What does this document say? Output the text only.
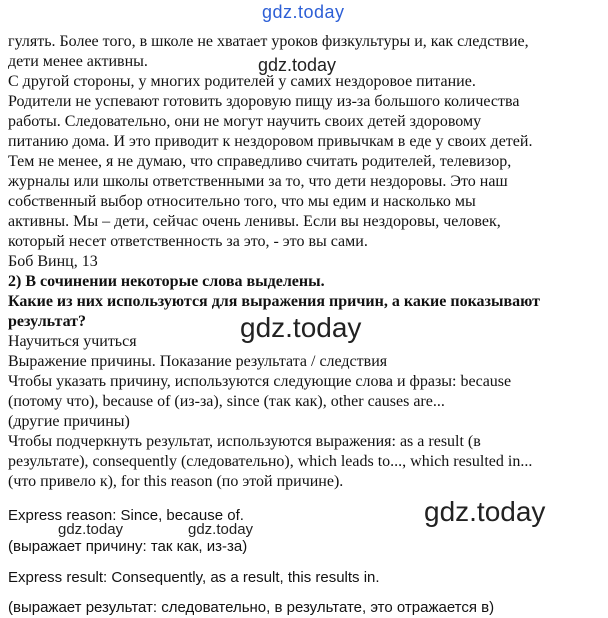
gdz.today
гулять. Более того, в школе не хватает уроков физкультуры и, как следствие,
дети менее активны.
С другой стороны, у многих родителей у самих нездоровое питание.
Родители не успевают готовить здоровую пищу из-за большого количества
работы. Следовательно, они не могут научить своих детей здоровому
питанию дома. И это приводит к нездоровом привычкам в еде у своих детей.
Тем не менее, я не думаю, что справедливо считать родителей, телевизор,
журналы или школы ответственными за то, что дети нездоровы. Это наш
собственный выбор относительно того, что мы едим и насколько мы
активны. Мы – дети, сейчас очень ленивы. Если вы нездоровы, человек,
который несет ответственность за это, - это вы сами.
Боб Винц, 13
2) В сочинении некоторые слова выделены.
Какие из них используются для выражения причин, а какие показывают
результат?
Научиться учиться
Выражение причины. Показание результата / следствия
Чтобы указать причину, используются следующие слова и фразы: because
(потому что), because of (из-за), since (так как), other causes are...
(другие причины)
Чтобы подчеркнуть результат, используются выражения: as a result (в
результате), consequently (следовательно), which leads to..., which resulted in...
(что привело к), for this reason (по этой причине).
Express reason: Since, because of.
(выражает причину: так как, из-за)
Express result: Consequently, as a result, this results in.
(выражает результат: следовательно, в результате, это отражается в)
gdz.today
gdz.today
gdz.today
gdz.today	gdz.today
